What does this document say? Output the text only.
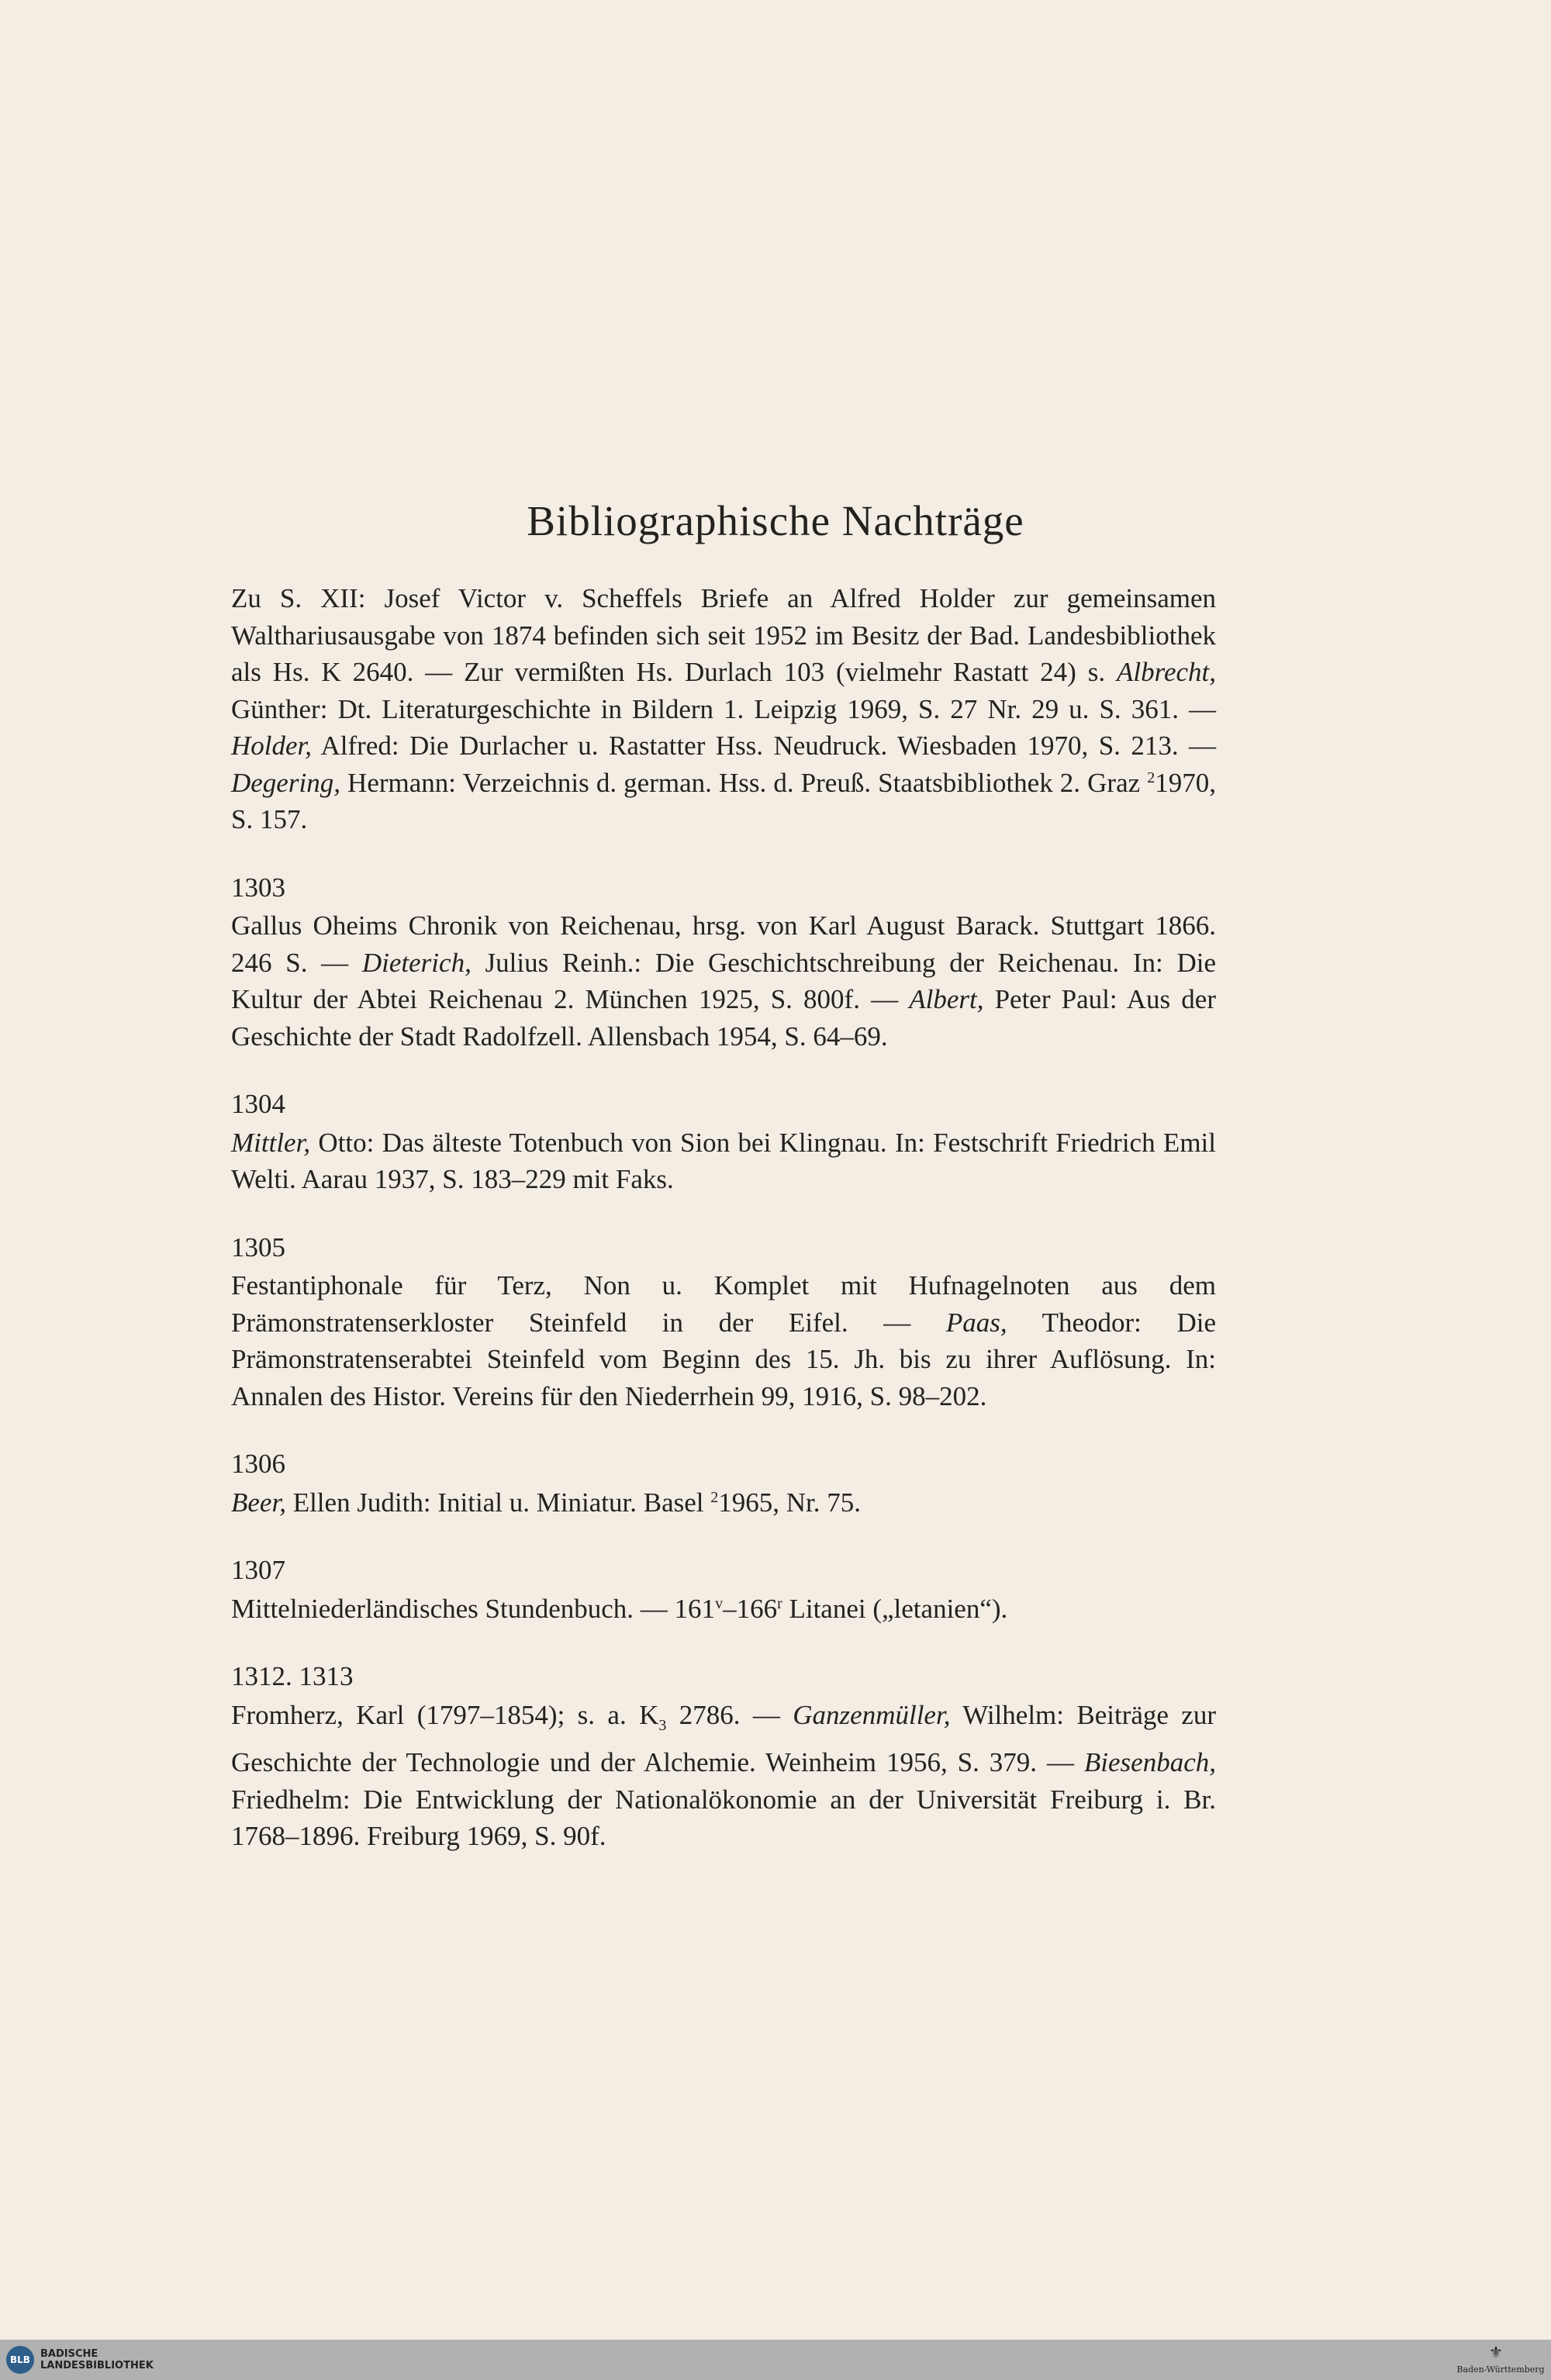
Bibliographische Nachträge
Zu S. XII: Josef Victor v. Scheffels Briefe an Alfred Holder zur gemeinsamen Walthariusausgabe von 1874 befinden sich seit 1952 im Besitz der Bad. Landesbibliothek als Hs. K 2640. — Zur vermißten Hs. Durlach 103 (vielmehr Rastatt 24) s. Albrecht, Günther: Dt. Literaturgeschichte in Bildern 1. Leipzig 1969, S. 27 Nr. 29 u. S. 361. — Holder, Alfred: Die Durlacher u. Rastatter Hss. Neudruck. Wiesbaden 1970, S. 213. — Degering, Hermann: Verzeichnis d. german. Hss. d. Preuß. Staatsbibliothek 2. Graz $^2$1970, S. 157.
1303
Gallus Oheims Chronik von Reichenau, hrsg. von Karl August Barack. Stuttgart 1866. 246 S. — Dieterich, Julius Reinh.: Die Geschichtschreibung der Reichenau. In: Die Kultur der Abtei Reichenau 2. München 1925, S. 800f. — Albert, Peter Paul: Aus der Geschichte der Stadt Radolfzell. Allensbach 1954, S. 64–69.
1304
Mittler, Otto: Das älteste Totenbuch von Sion bei Klingnau. In: Festschrift Friedrich Emil Welti. Aarau 1937, S. 183–229 mit Faks.
1305
Festantiphonale für Terz, Non u. Komplet mit Hufnagelnoten aus dem Prämonstratenserkloster Steinfeld in der Eifel. — Paas, Theodor: Die Prämonstratenserabtei Steinfeld vom Beginn des 15. Jh. bis zu ihrer Auflösung. In: Annalen des Histor. Vereins für den Niederrhein 99, 1916, S. 98–202.
1306
Beer, Ellen Judith: Initial u. Miniatur. Basel $^2$1965, Nr. 75.
1307
Mittelniederländisches Stundenbuch. — 161$^v$–166$^r$ Litanei („letanien“).
1312. 1313
Fromherz, Karl (1797–1854); s. a. $K_3$ 2786. — Ganzenmüller, Wilhelm: Beiträge zur Geschichte der Technologie und der Alchemie. Weinheim 1956, S. 379. — Biesenbach, Friedhelm: Die Entwicklung der Nationalökonomie an der Universität Freiburg i. Br. 1768–1896. Freiburg 1969, S. 90f.
BLB	BADISCHE
LANDESBIBLIOTHEK
⚜
Baden-Württemberg
